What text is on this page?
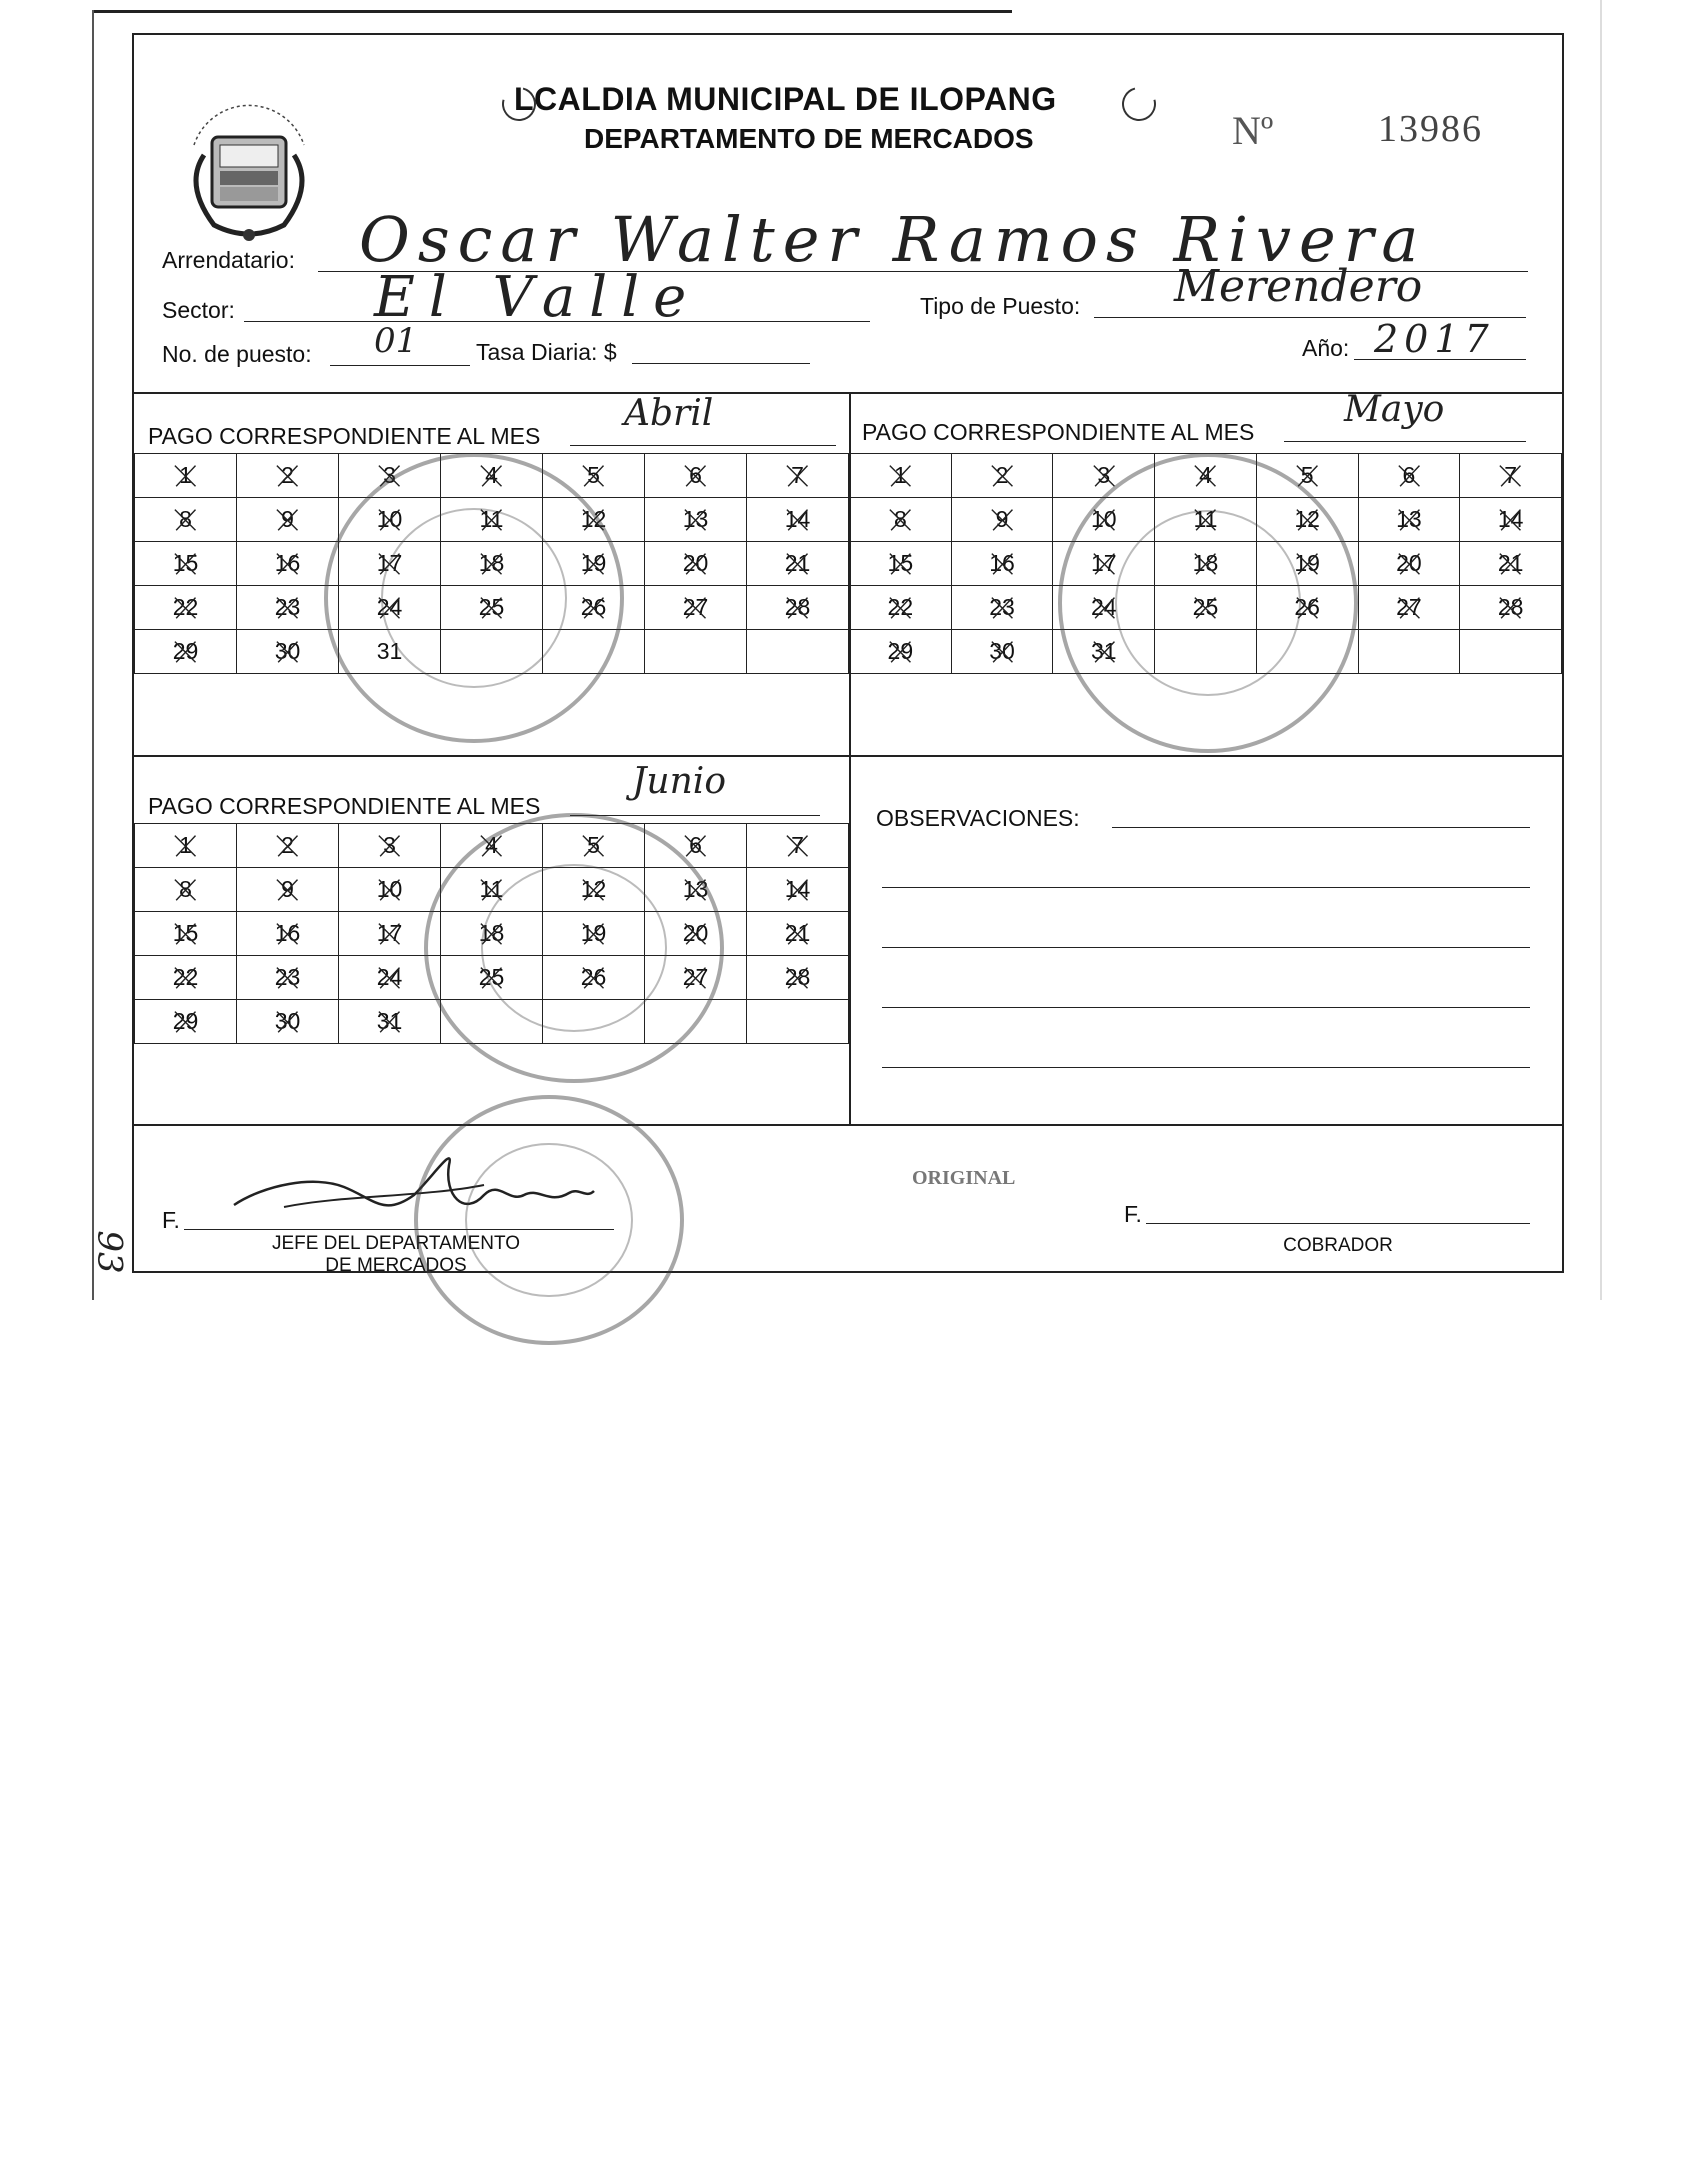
93
LCALDIA MUNICIPAL DE ILOPANG
DEPARTAMENTO DE MERCADOS	Nº	13986
Arrendatario: Oscar Walter Ramos Rivera
Sector: El Valle	Tipo de Puesto: Merendero
No. de puesto: 01	Tasa Diaria: $	Año: 2017
PAGO CORRESPONDIENTE AL MES
Abril	PAGO CORRESPONDIENTE AL MES
Mayo
PAGO CORRESPONDIENTE AL MES
Junio
1	2	3	4	5	6	7

8	9	10	11	12	13	14

15	16	17	18	19	20	21

22	23	24	25	26	27	28

29	30	31				
1	2	3	4	5	6	7

8	9	10	11	12	13	14

15	16	17	18	19	20	21

22	23	24	25	26	27	28

29	30	31

1	2	3	4	5	6	7

8	9	10	11	12	13	14

15	16	17	18	19	20	21

22	23	24	25	26	27	28

29	30	31

OBSERVACIONES:
ORIGINAL
F.
JEFE DEL DEPARTAMENTO
DE MERCADOS
F.
COBRADOR
